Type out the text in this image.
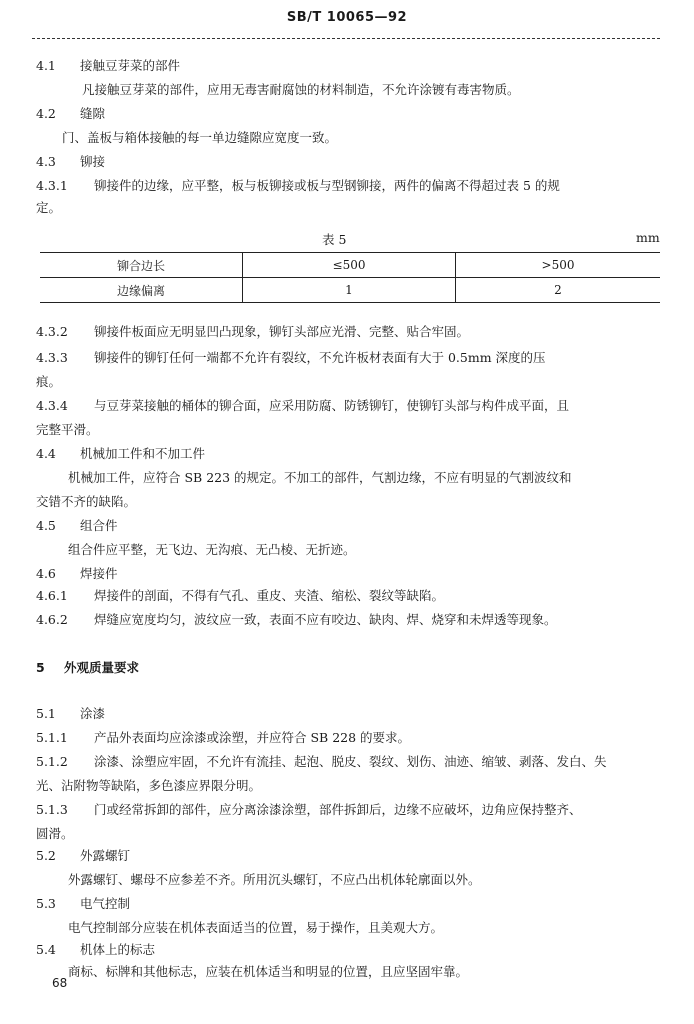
SB/T 10065—92
4.1 接触豆芽菜的部件
凡接触豆芽菜的部件，应用无毒害耐腐蚀的材料制造，不允许涂镀有毒害物质。
4.2 缝隙
门、盖板与箱体接触的每一单边缝隙应宽度一致。
4.3 铆接
4.3.1 铆接件的边缘，应平整，板与板铆接或板与型钢铆接，两件的偏离不得超过表 5 的规
定。
表 5	mm
铆合边长	≤500	>500
边缘偏离	1	2
4.3.2 铆接件板面应无明显凹凸现象，铆钉头部应光滑、完整、贴合牢固。
4.3.3 铆接件的铆钉任何一端都不允许有裂纹，不允许板材表面有大于 0.5mm 深度的压
痕。
4.3.4 与豆芽菜接触的桶体的铆合面，应采用防腐、防锈铆钉，使铆钉头部与构件成平面，且
完整平滑。
4.4 机械加工件和不加工件
机械加工件，应符合 SB 223 的规定。不加工的部件，气割边缘，不应有明显的气割波纹和
交错不齐的缺陷。
4.5 组合件
组合件应平整，无飞边、无沟痕、无凸棱、无折迹。
4.6 焊接件
4.6.1 焊接件的剖面，不得有气孔、重皮、夹渣、缩松、裂纹等缺陷。
4.6.2 焊缝应宽度均匀，波纹应一致，表面不应有咬边、缺肉、焊、烧穿和未焊透等现象。
5 外观质量要求
5.1 涂漆
5.1.1 产品外表面均应涂漆或涂塑，并应符合 SB 228 的要求。
5.1.2 涂漆、涂塑应牢固，不允许有流挂、起泡、脱皮、裂纹、划伤、油迹、缩皱、剥落、发白、失
光、沾附物等缺陷，多色漆应界限分明。
5.1.3 门或经常拆卸的部件，应分离涂漆涂塑，部件拆卸后，边缘不应破坏，边角应保持整齐、
圆滑。
5.2 外露螺钉
外露螺钉、螺母不应参差不齐。所用沉头螺钉，不应凸出机体轮廓面以外。
5.3 电气控制
电气控制部分应装在机体表面适当的位置，易于操作，且美观大方。
5.4 机体上的标志
商标、标牌和其他标志，应装在机体适当和明显的位置，且应坚固牢靠。
68
